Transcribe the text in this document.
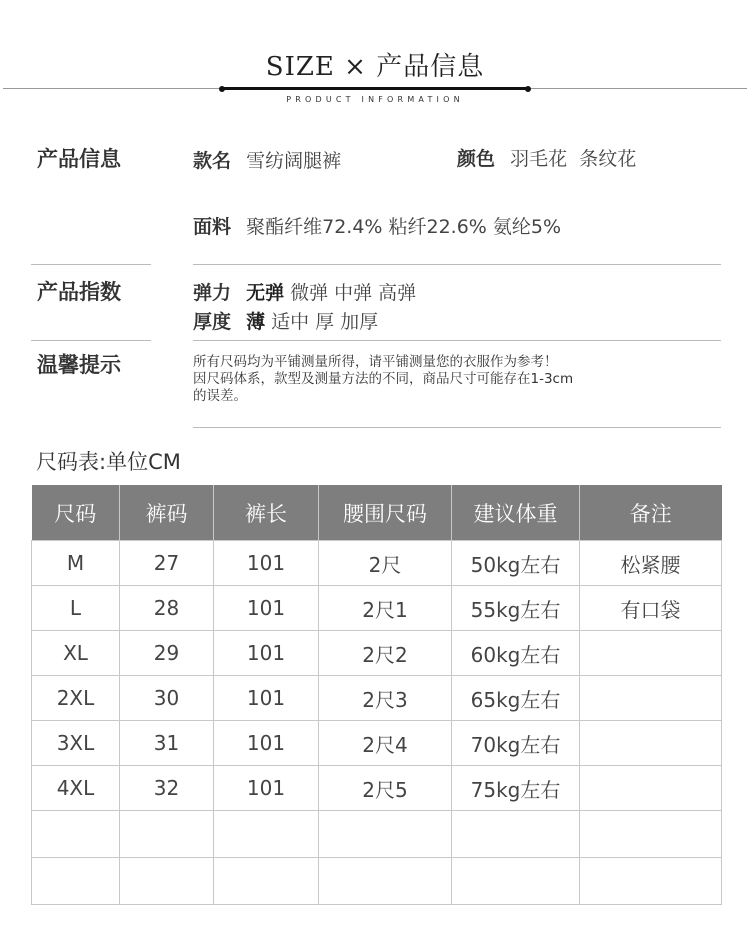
SIZE × 产品信息
PRODUCT INFORMATION
产品信息	款名 雪纺阔腿裤	颜色 羽毛花  条纹花
面料 聚酯纤维72.4% 粘纤22.6% 氨纶5%
产品指数	弹力 无弹 微弹 中弹 高弹
厚度 薄 适中 厚 加厚
温馨提示	所有尺码均为平铺测量所得，请平铺测量您的衣服作为参考！
因尺码体系，款型及测量方法的不同，商品尺寸可能存在1-3cm
的误差。
尺码表:单位CM
尺码	裤码	裤长	腰围尺码	建议体重	备注
M	27	101	2尺	50kg左右	松紧腰
L	28	101	2尺1	55kg左右	有口袋
XL	29	101	2尺2	60kg左右	
2XL	30	101	2尺3	65kg左右	
3XL	31	101	2尺4	70kg左右	
4XL	32	101	2尺5	75kg左右	
